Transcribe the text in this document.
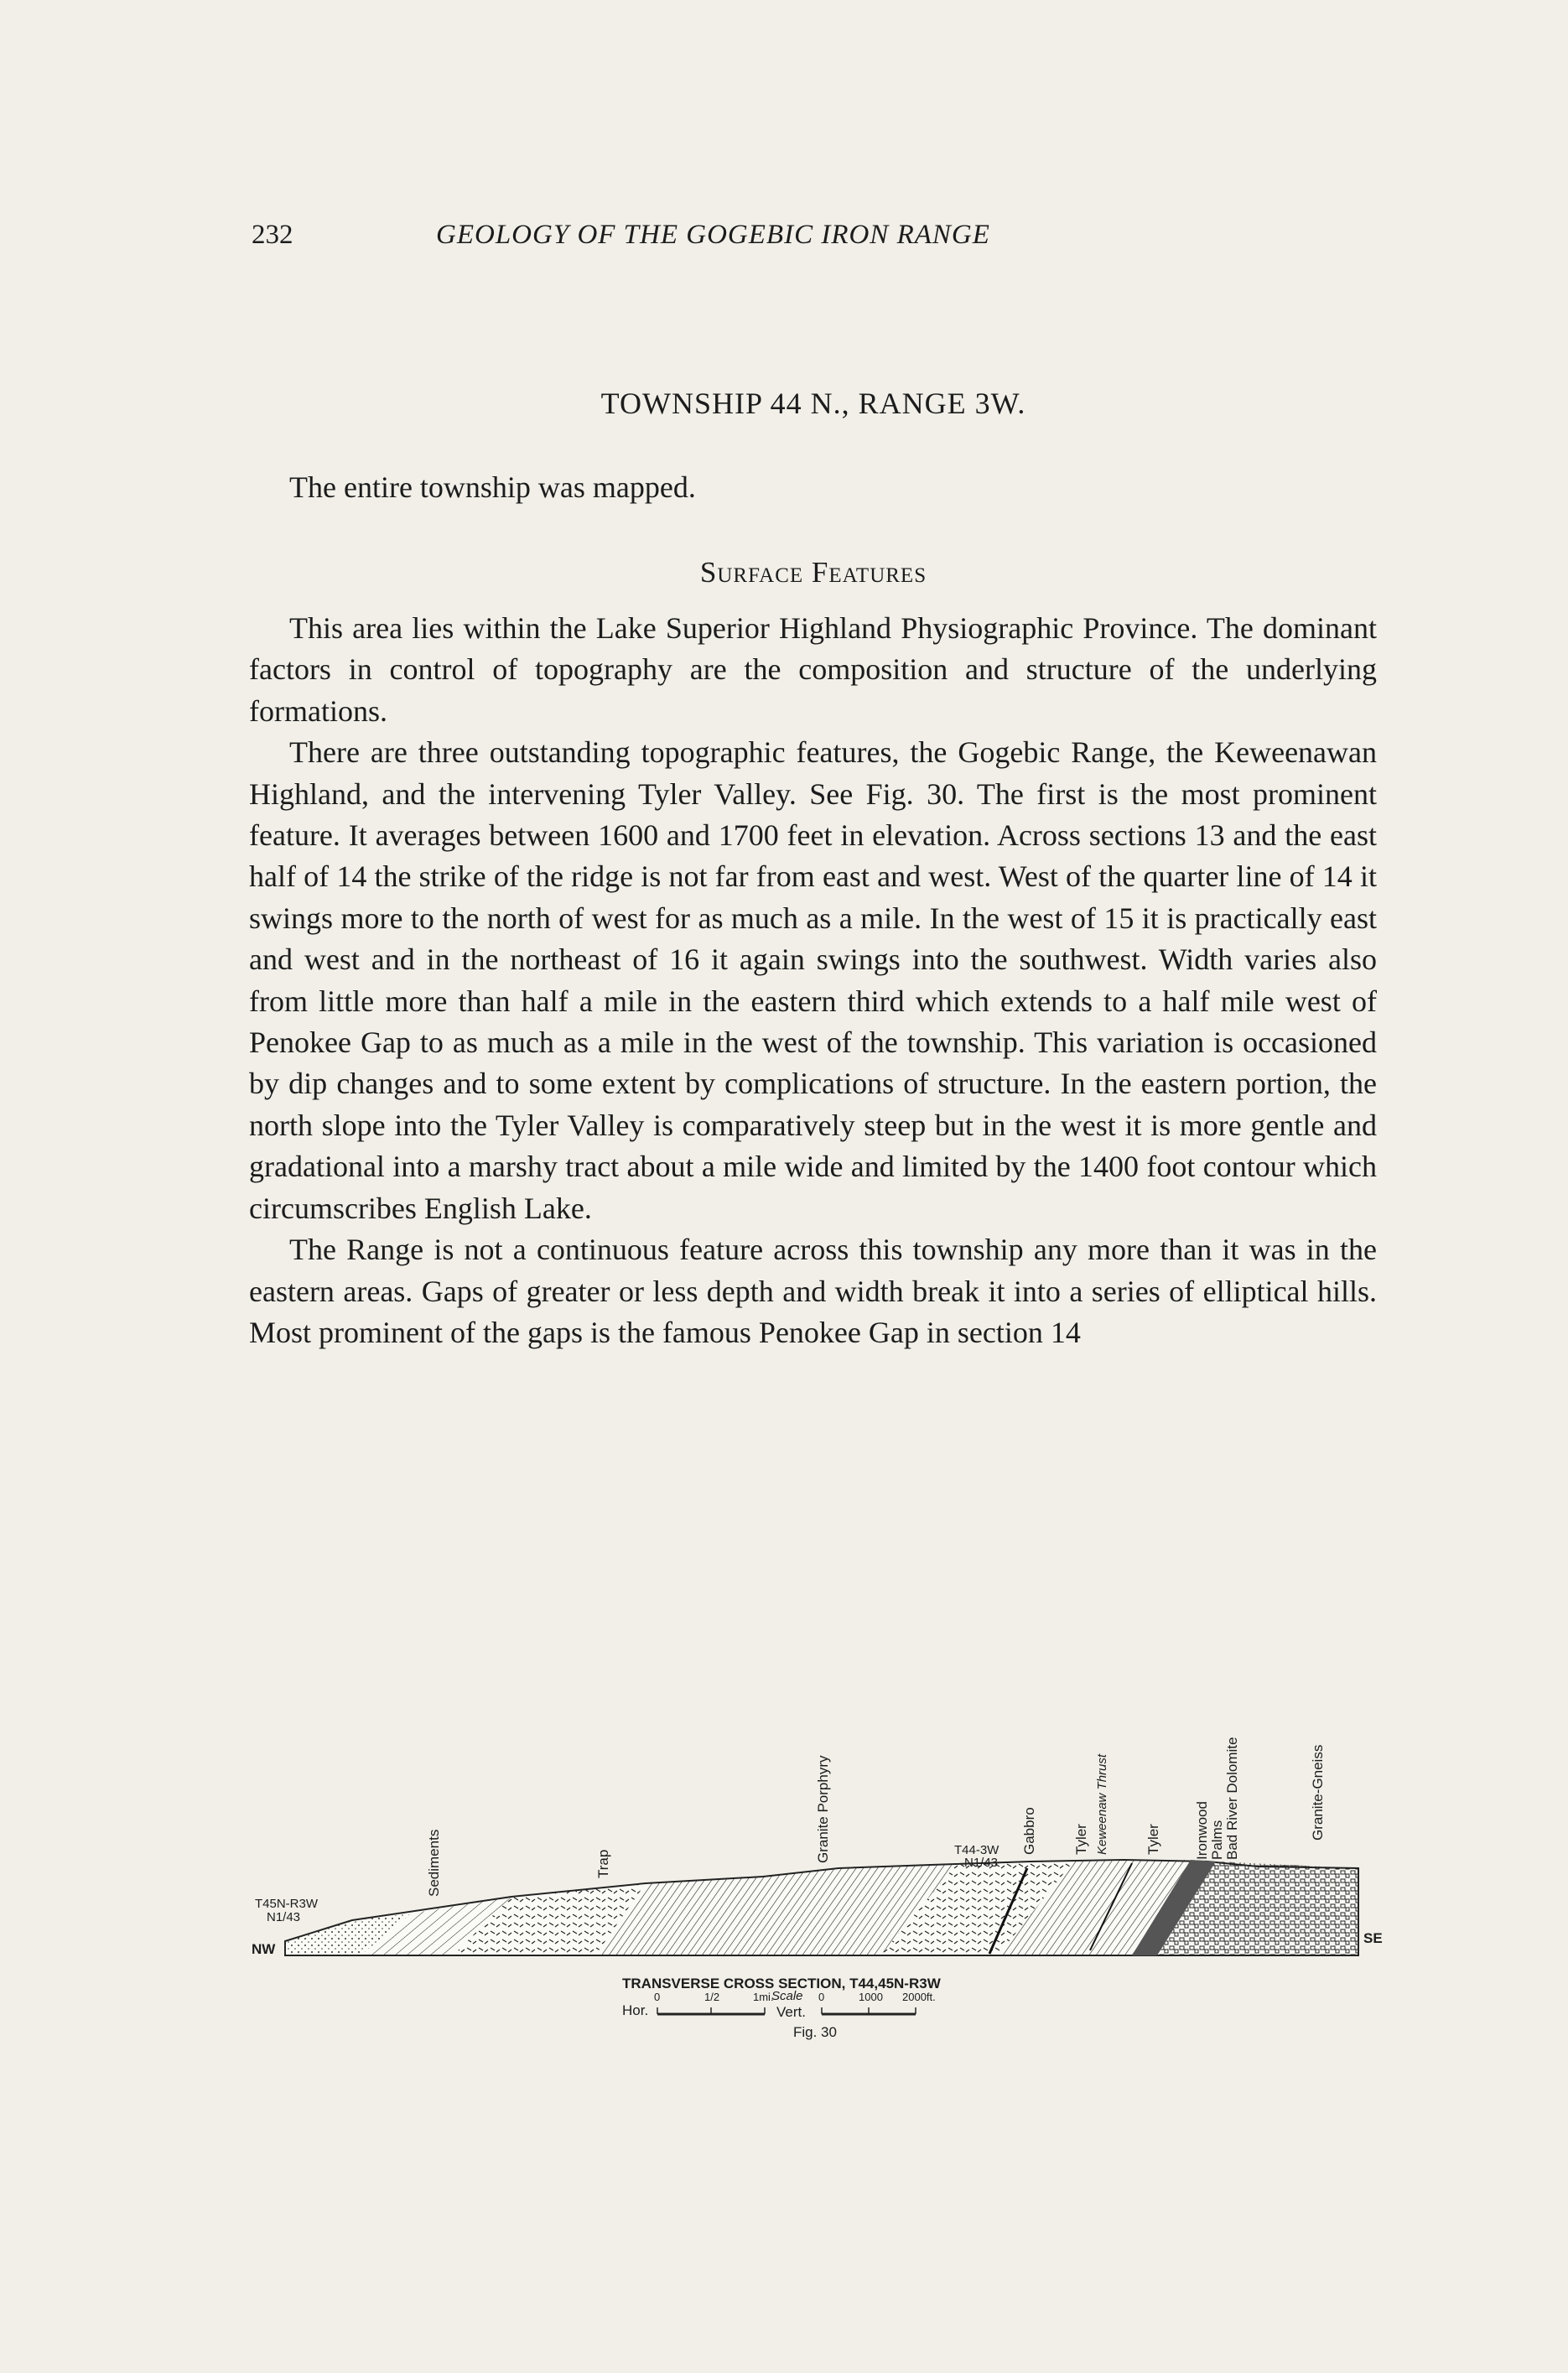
232	GEOLOGY OF THE GOGEBIC IRON RANGE
TOWNSHIP 44 N., RANGE 3W.
The entire township was mapped.
Surface Features

This area lies within the Lake Superior Highland Physiographic Province. The dominant factors in control of topography are the composition and structure of the underlying formations.

There are three outstanding topographic features, the Gogebic Range, the Keweenawan Highland, and the intervening Tyler Valley. See Fig. 30. The first is the most prominent feature. It averages between 1600 and 1700 feet in elevation. Across sections 13 and the east half of 14 the strike of the ridge is not far from east and west. West of the quarter line of 14 it swings more to the north of west for as much as a mile. In the west of 15 it is practically east and west and in the northeast of 16 it again swings into the southwest. Width varies also from little more than half a mile in the eastern third which extends to a half mile west of Penokee Gap to as much as a mile in the west of the township. This variation is occasioned by dip changes and to some extent by complications of structure. In the eastern portion, the north slope into the Tyler Valley is comparatively steep but in the west it is more gentle and gradational into a marshy tract about a mile wide and limited by the 1400 foot contour which circumscribes English Lake.

The Range is not a continuous feature across this township any more than it was in the eastern areas. Gaps of greater or less depth and width break it into a series of elliptical hills. Most prominent of the gaps is the famous Penokee Gap in section 14

NW
SE
T45N-R3W
N1/43
T44-3W
N1/43
Sediments	Trap
Granite Porphyry	Gabbro	Tyler Keweenaw Thrust	Tyler Ironwood Palms Bad River Dolomite	Granite-Gneiss
TRANSVERSE CROSS SECTION, T44,45N-R3W
Scale
Hor.
0	1/2	1mi.
Vert.
0	1000 2000ft.
Fig. 30
